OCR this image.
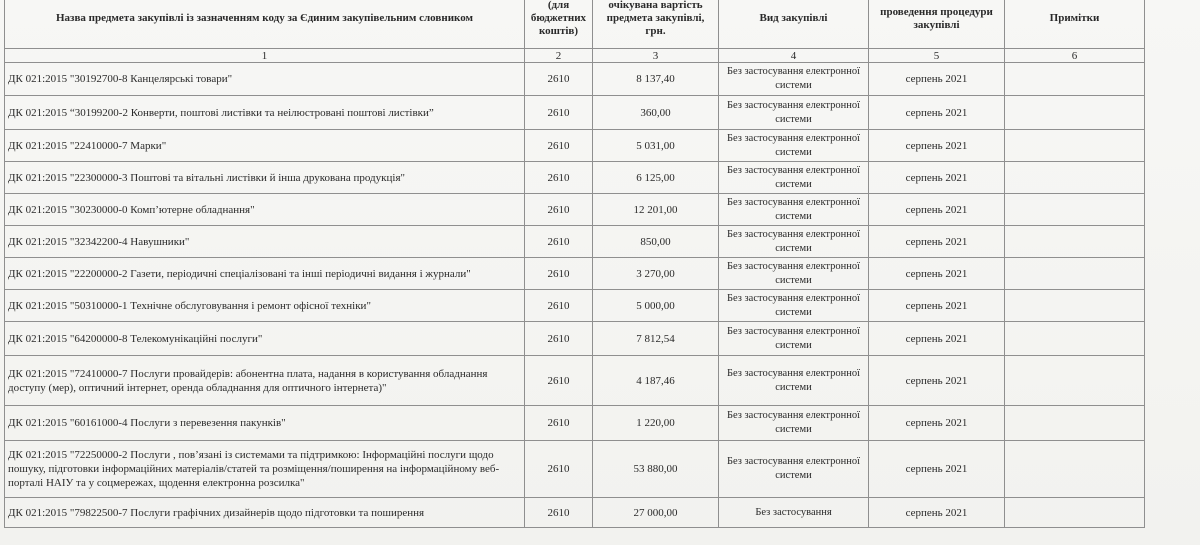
Назва предмета закупівлі із зазначенням коду за Єдиним закупівельним словником	(для бюджетних коштів)	очікувана вартість предмета закупівлі, грн.	Вид закупівлі	проведення процедури закупівлі	Примітки
1	2	3	4	5	6
ДК 021:2015 "30192700-8 Канцелярські товари"	2610	8 137,40	Без застосування електронної системи	серпень 2021	
ДК 021:2015 “30199200-2 Конверти, поштові листівки та неілюстровані поштові листівки”	2610	360,00	Без застосування електронної системи	серпень 2021	
ДК 021:2015 "22410000-7 Марки"	2610	5 031,00	Без застосування електронної системи	серпень 2021	
ДК 021:2015 "22300000-3 Поштові та вітальні листівки й інша друкована продукція"	2610	6 125,00	Без застосування електронної системи	серпень 2021	
ДК 021:2015 "30230000-0 Комп’ютерне обладнання"	2610	12 201,00	Без застосування електронної системи	серпень 2021	
ДК 021:2015 "32342200-4 Навушники"	2610	850,00	Без застосування електронної системи	серпень 2021	
ДК 021:2015 "22200000-2 Газети, періодичні спеціалізовані та інші періодичні видання і журнали"	2610	3 270,00	Без застосування електронної системи	серпень 2021	
ДК 021:2015 "50310000-1 Технічне обслуговування і ремонт офісної техніки"	2610	5 000,00	Без застосування електронної системи	серпень 2021	
ДК 021:2015 "64200000-8 Телекомунікаційні послуги"	2610	7 812,54	Без застосування електронної системи	серпень 2021	
ДК 021:2015 "72410000-7 Послуги провайдерів: абонентна плата, надання в користування обладнання доступу (мер), оптичний інтернет, оренда обладнання для оптичного інтернета)"	2610	4 187,46	Без застосування електронної системи	серпень 2021	
ДК 021:2015 "60161000-4 Послуги з перевезення пакунків"	2610	1 220,00	Без застосування електронної системи	серпень 2021	
ДК 021:2015 "72250000-2 Послуги , пов’язані із системами та підтримкою: Інформаційні послуги щодо пошуку, підготовки інформаційних матеріалів/статей та розміщення/поширення на інформаційному веб-порталі НАІУ та у соцмережах, щодення електронна розсилка"	2610	53 880,00	Без застосування електронної системи	серпень 2021	
ДК 021:2015 "79822500-7 Послуги графічних дизайнерів щодо підготовки та поширення	2610	27 000,00	Без застосування	серпень 2021	
